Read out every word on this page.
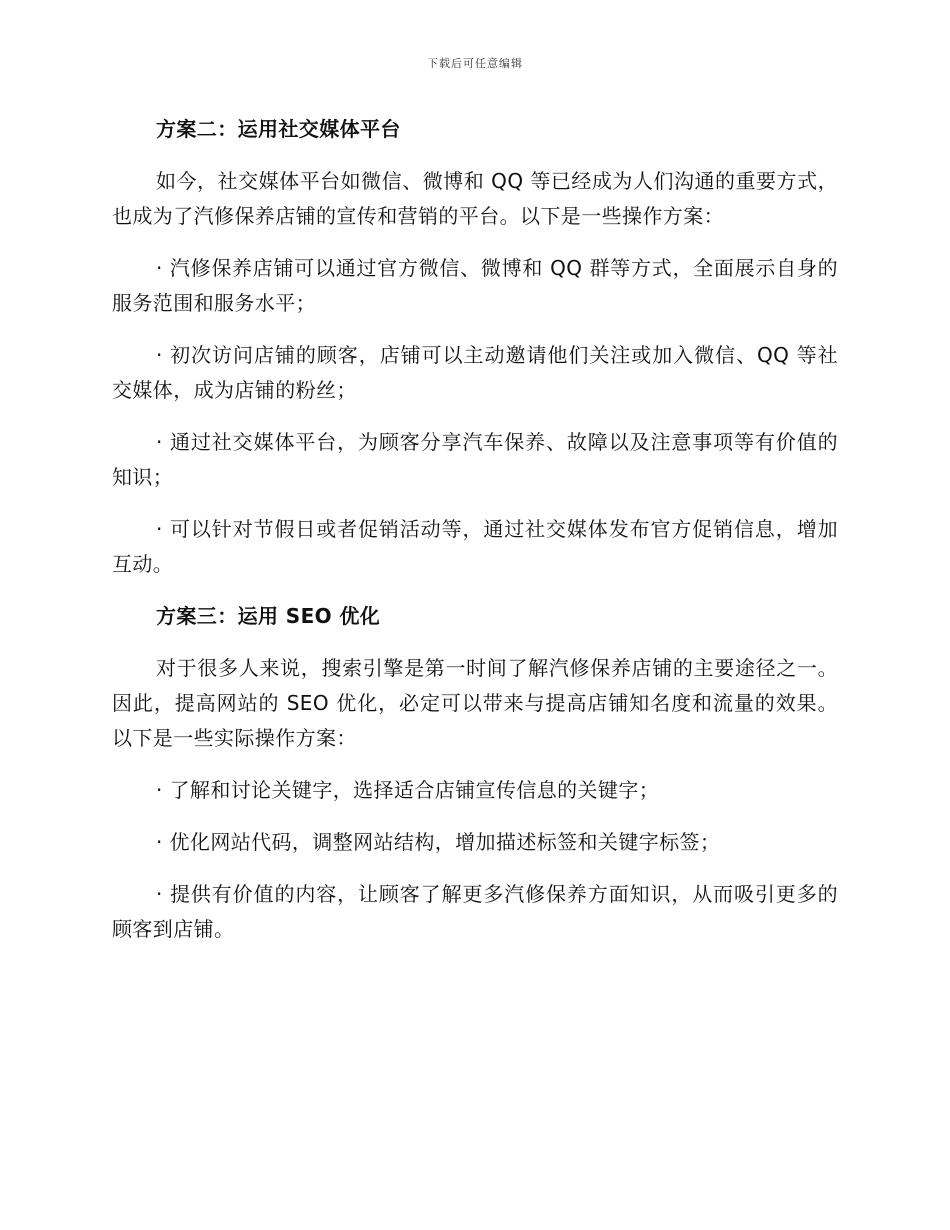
下载后可任意编辑
方案二：运用社交媒体平台

如今，社交媒体平台如微信、微博和 QQ 等已经成为人们沟通的重要方式，也成为了汽修保养店铺的宣传和营销的平台。以下是一些操作方案：

· 汽修保养店铺可以通过官方微信、微博和 QQ 群等方式，全面展示自身的服务范围和服务水平；

· 初次访问店铺的顾客，店铺可以主动邀请他们关注或加入微信、QQ 等社交媒体，成为店铺的粉丝；

· 通过社交媒体平台，为顾客分享汽车保养、故障以及注意事项等有价值的知识；

· 可以针对节假日或者促销活动等，通过社交媒体发布官方促销信息，增加互动。

方案三：运用 SEO 优化

对于很多人来说，搜索引擎是第一时间了解汽修保养店铺的主要途径之一。因此，提高网站的 SEO 优化，必定可以带来与提高店铺知名度和流量的效果。以下是一些实际操作方案：

· 了解和讨论关键字，选择适合店铺宣传信息的关键字；

· 优化网站代码，调整网站结构，增加描述标签和关键字标签；

· 提供有价值的内容，让顾客了解更多汽修保养方面知识，从而吸引更多的顾客到店铺。
